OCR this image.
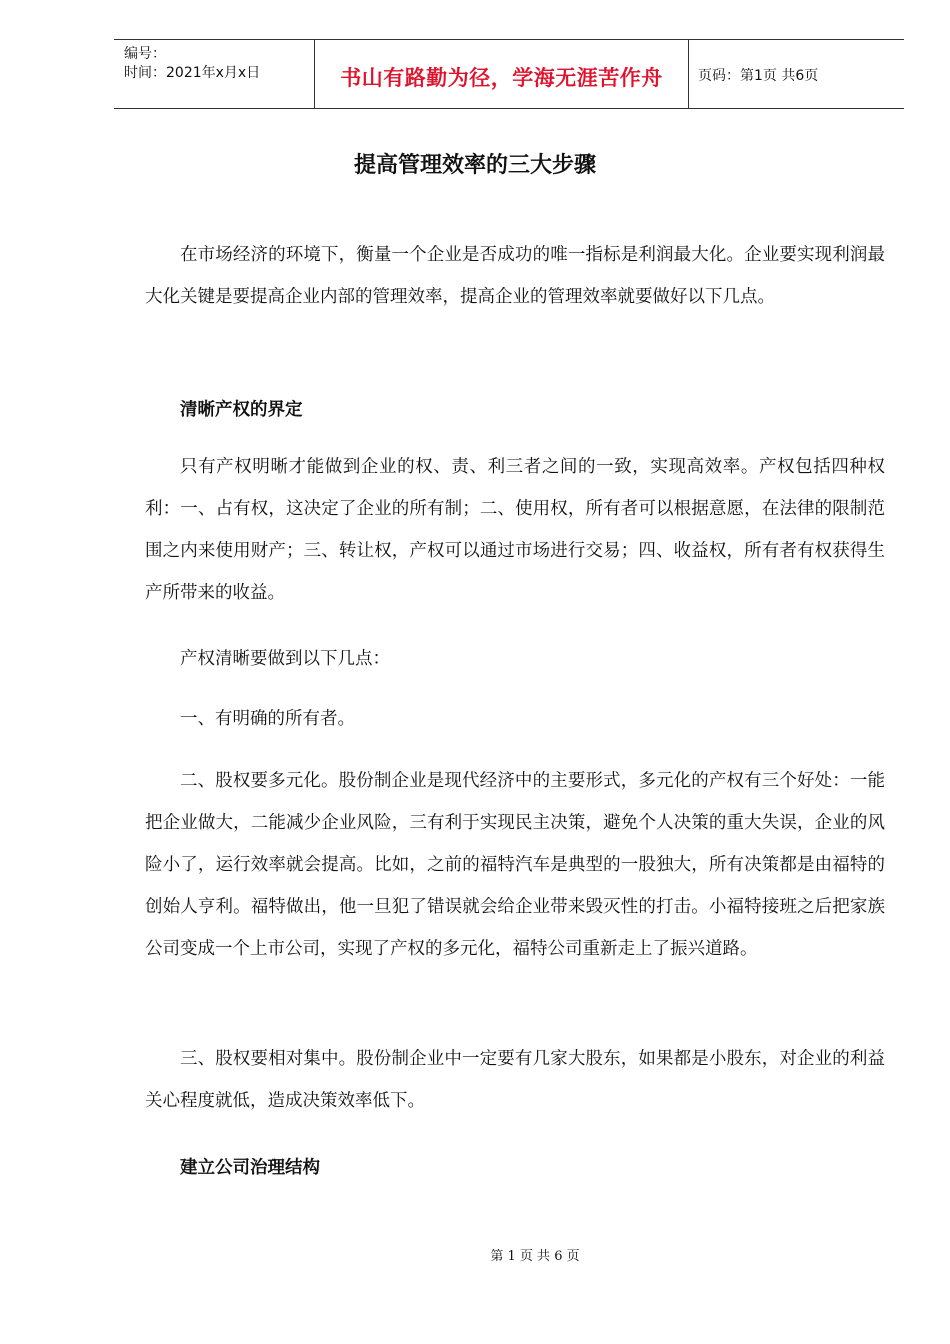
编号：
时间：2021年x月x日	书山有路勤为径，学海无涯苦作舟	页码：第1页 共6页
提高管理效率的三大步骤

在市场经济的环境下，衡量一个企业是否成功的唯一指标是利润最大化。企业要实现利润最大化关键是要提高企业内部的管理效率，提高企业的管理效率就要做好以下几点。

清晰产权的界定

只有产权明晰才能做到企业的权、责、利三者之间的一致，实现高效率。产权包括四种权利：一、占有权，这决定了企业的所有制；二、使用权，所有者可以根据意愿，在法律的限制范围之内来使用财产；三、转让权，产权可以通过市场进行交易；四、收益权，所有者有权获得生产所带来的收益。

产权清晰要做到以下几点：

一、有明确的所有者。

二、股权要多元化。股份制企业是现代经济中的主要形式，多元化的产权有三个好处：一能把企业做大，二能减少企业风险，三有利于实现民主决策，避免个人决策的重大失误，企业的风险小了，运行效率就会提高。比如，之前的福特汽车是典型的一股独大，所有决策都是由福特的创始人亨利。福特做出，他一旦犯了错误就会给企业带来毁灭性的打击。小福特接班之后把家族公司变成一个上市公司，实现了产权的多元化，福特公司重新走上了振兴道路。

三、股权要相对集中。股份制企业中一定要有几家大股东，如果都是小股东，对企业的利益关心程度就低，造成决策效率低下。

建立公司治理结构

第 1 页 共 6 页
